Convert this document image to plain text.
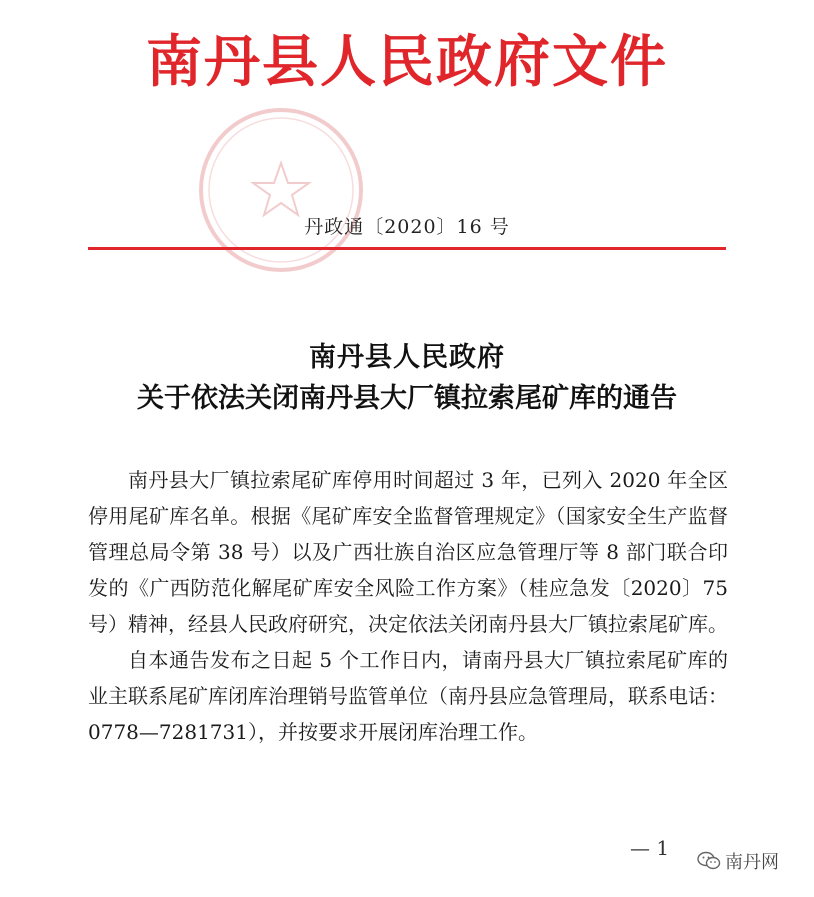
南丹县人民政府文件
丹政通〔2020〕16 号
南丹县人民政府
关于依法关闭南丹县大厂镇拉索尾矿库的通告

南丹县大厂镇拉索尾矿库停用时间超过 3 年，已列入 2020 年全区停用尾矿库名单。根据《尾矿库安全监督管理规定》（国家安全生产监督管理总局令第 38 号）以及广西壮族自治区应急管理厅等 8 部门联合印发的《广西防范化解尾矿库安全风险工作方案》（桂应急发〔2020〕75 号）精神，经县人民政府研究，决定依法关闭南丹县大厂镇拉索尾矿库。

自本通告发布之日起 5 个工作日内，请南丹县大厂镇拉索尾矿库的业主联系尾矿库闭库治理销号监管单位（南丹县应急管理局，联系电话：0778—7281731），并按要求开展闭库治理工作。

— 1
南丹网
